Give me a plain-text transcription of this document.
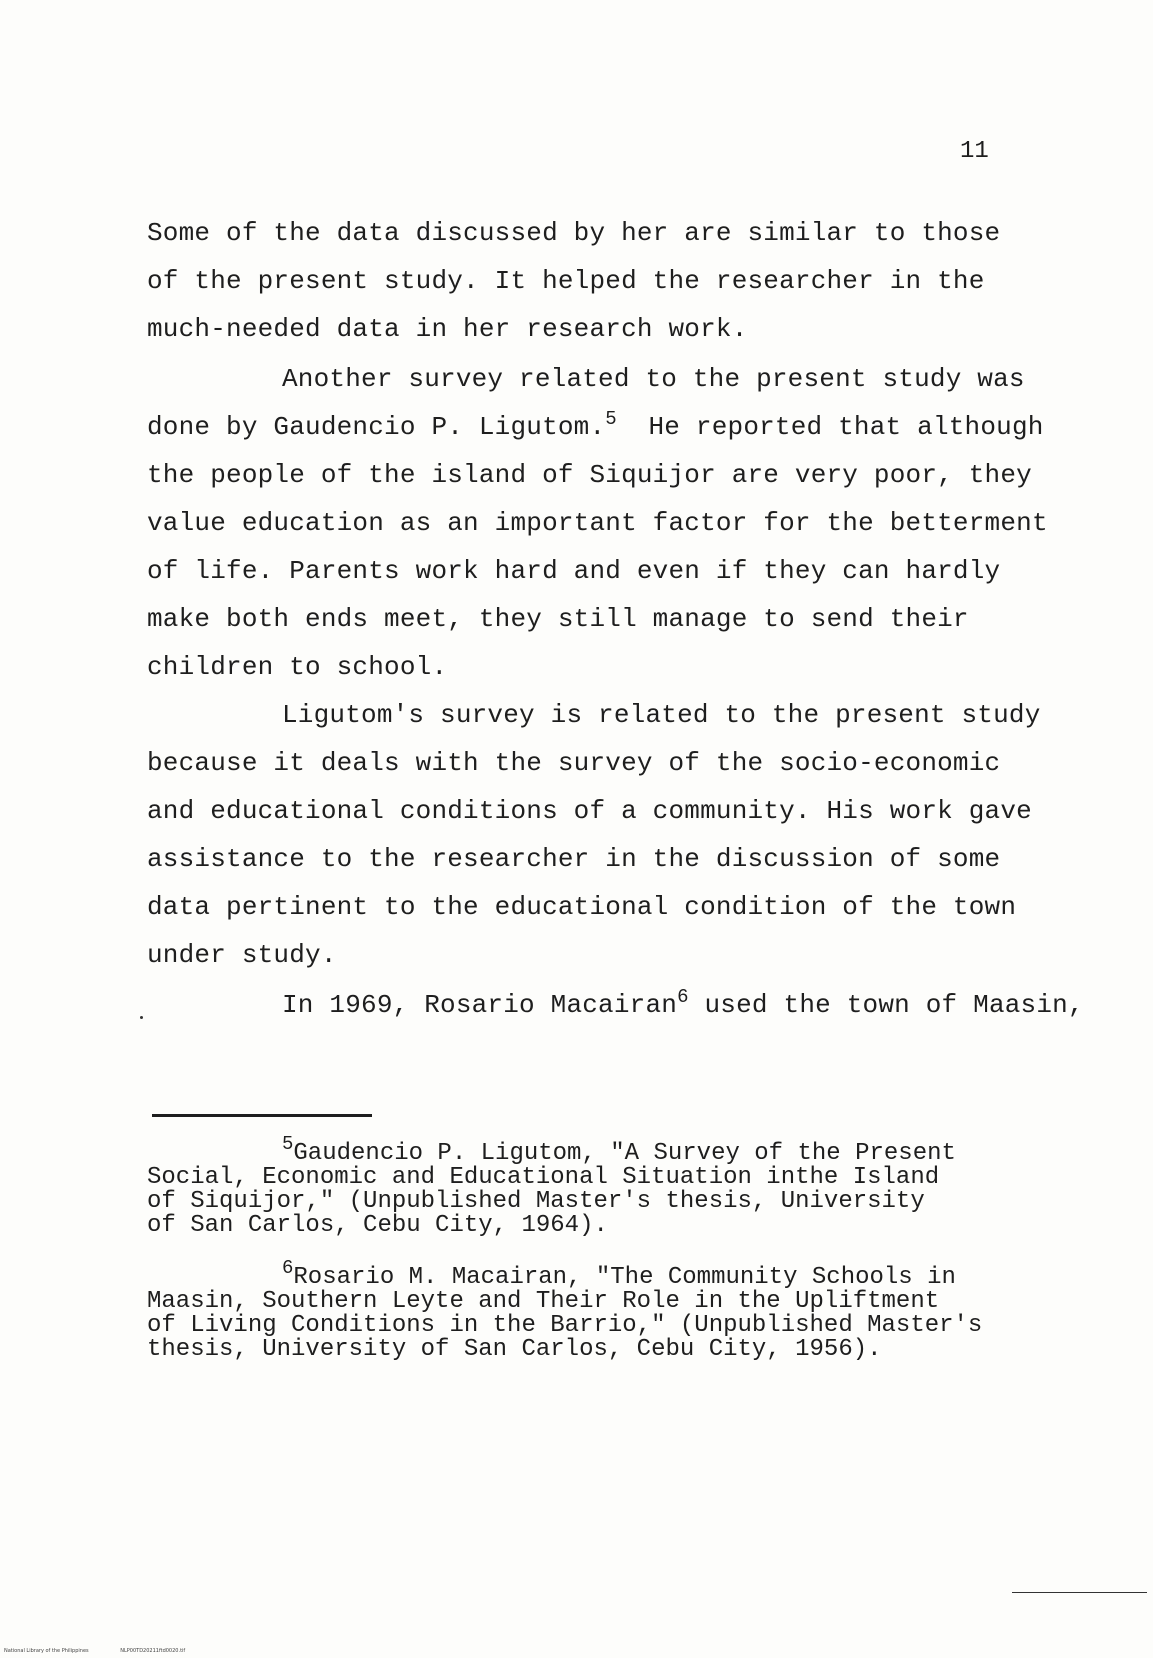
11
Some of the data discussed by her are similar to those
of the present study. It helped the researcher in the
much-needed data in her research work.
Another survey related to the present study was
done by Gaudencio P. Ligutom.$^5$ He reported that although
the people of the island of Siquijor are very poor, they
value education as an important factor for the betterment
of life. Parents work hard and even if they can hardly
make both ends meet, they still manage to send their
children to school.
Ligutom's survey is related to the present study
because it deals with the survey of the socio-economic
and educational conditions of a community. His work gave
assistance to the researcher in the discussion of some
data pertinent to the educational condition of the town
under study.
In 1969, Rosario Macairan$^6$ used the town of Maasin,
$^5$Gaudencio P. Ligutom, "A Survey of the Present
Social, Economic and Educational Situation inthe Island
of Siquijor," (Unpublished Master's thesis, University
of San Carlos, Cebu City, 1964).
$^6$Rosario M. Macairan, "The Community Schools in
Maasin, Southern Leyte and Their Role in the Upliftment
of Living Conditions in the Barrio," (Unpublished Master's
thesis, University of San Carlos, Cebu City, 1956).
National Library of the Philippines	NLP00TD20211ftd0020.tif
